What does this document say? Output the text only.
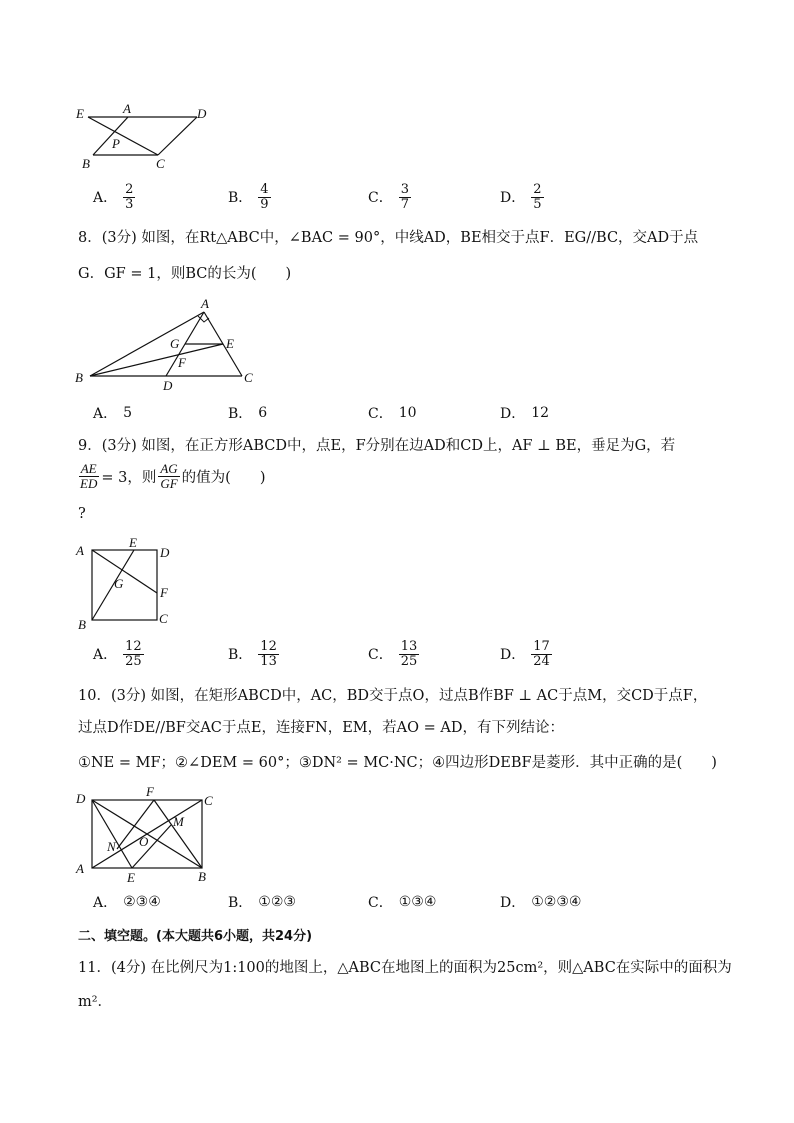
E	A	D
P
B	C
A． $\frac{2}{3}$	B． $\frac{4}{9}$	C． $\frac{3}{7}$	D． $\frac{2}{5}$
8．(3分) 如图，在Rt△ABC中，∠BAC = 90°，中线AD，BE相交于点F．EG//BC，交AD于点
G．GF = 1，则BC的长为(　　)
A
G	E
F
B
D
C
A． 5	B． 6	C． 10	D． 12
9．(3分) 如图，在正方形ABCD中，点E，F分别在边AD和CD上，AF ⊥ BE，垂足为G，若
$\frac{AE}{ED} = 3$，则 $\frac{AG}{GF}$ 的值为(　　)
?
A
E
D
G
F
B	C
A． $\frac{12}{25}$	B． $\frac{12}{13}$	C． $\frac{13}{25}$	D． $\frac{17}{24}$
10．(3分) 如图，在矩形ABCD中，AC，BD交于点O，过点B作BF ⊥ AC于点M，交CD于点F，
过点D作DE//BF交AC于点E，连接FN，EM，若AO = AD，有下列结论：
①NE = MF；②∠DEM = 60°；③DN² = MC·NC；④四边形DEBF是菱形．其中正确的是(　　)
D	F
C
M
O
N
A
E	B
A． ②③④	B． ①②③	C． ①③④	D． ①②③④
二、填空题。(本大题共6小题，共24分)
11．(4分) 在比例尺为1:100的地图上，△ABC在地图上的面积为25cm²，则△ABC在实际中的面积为
m²．
